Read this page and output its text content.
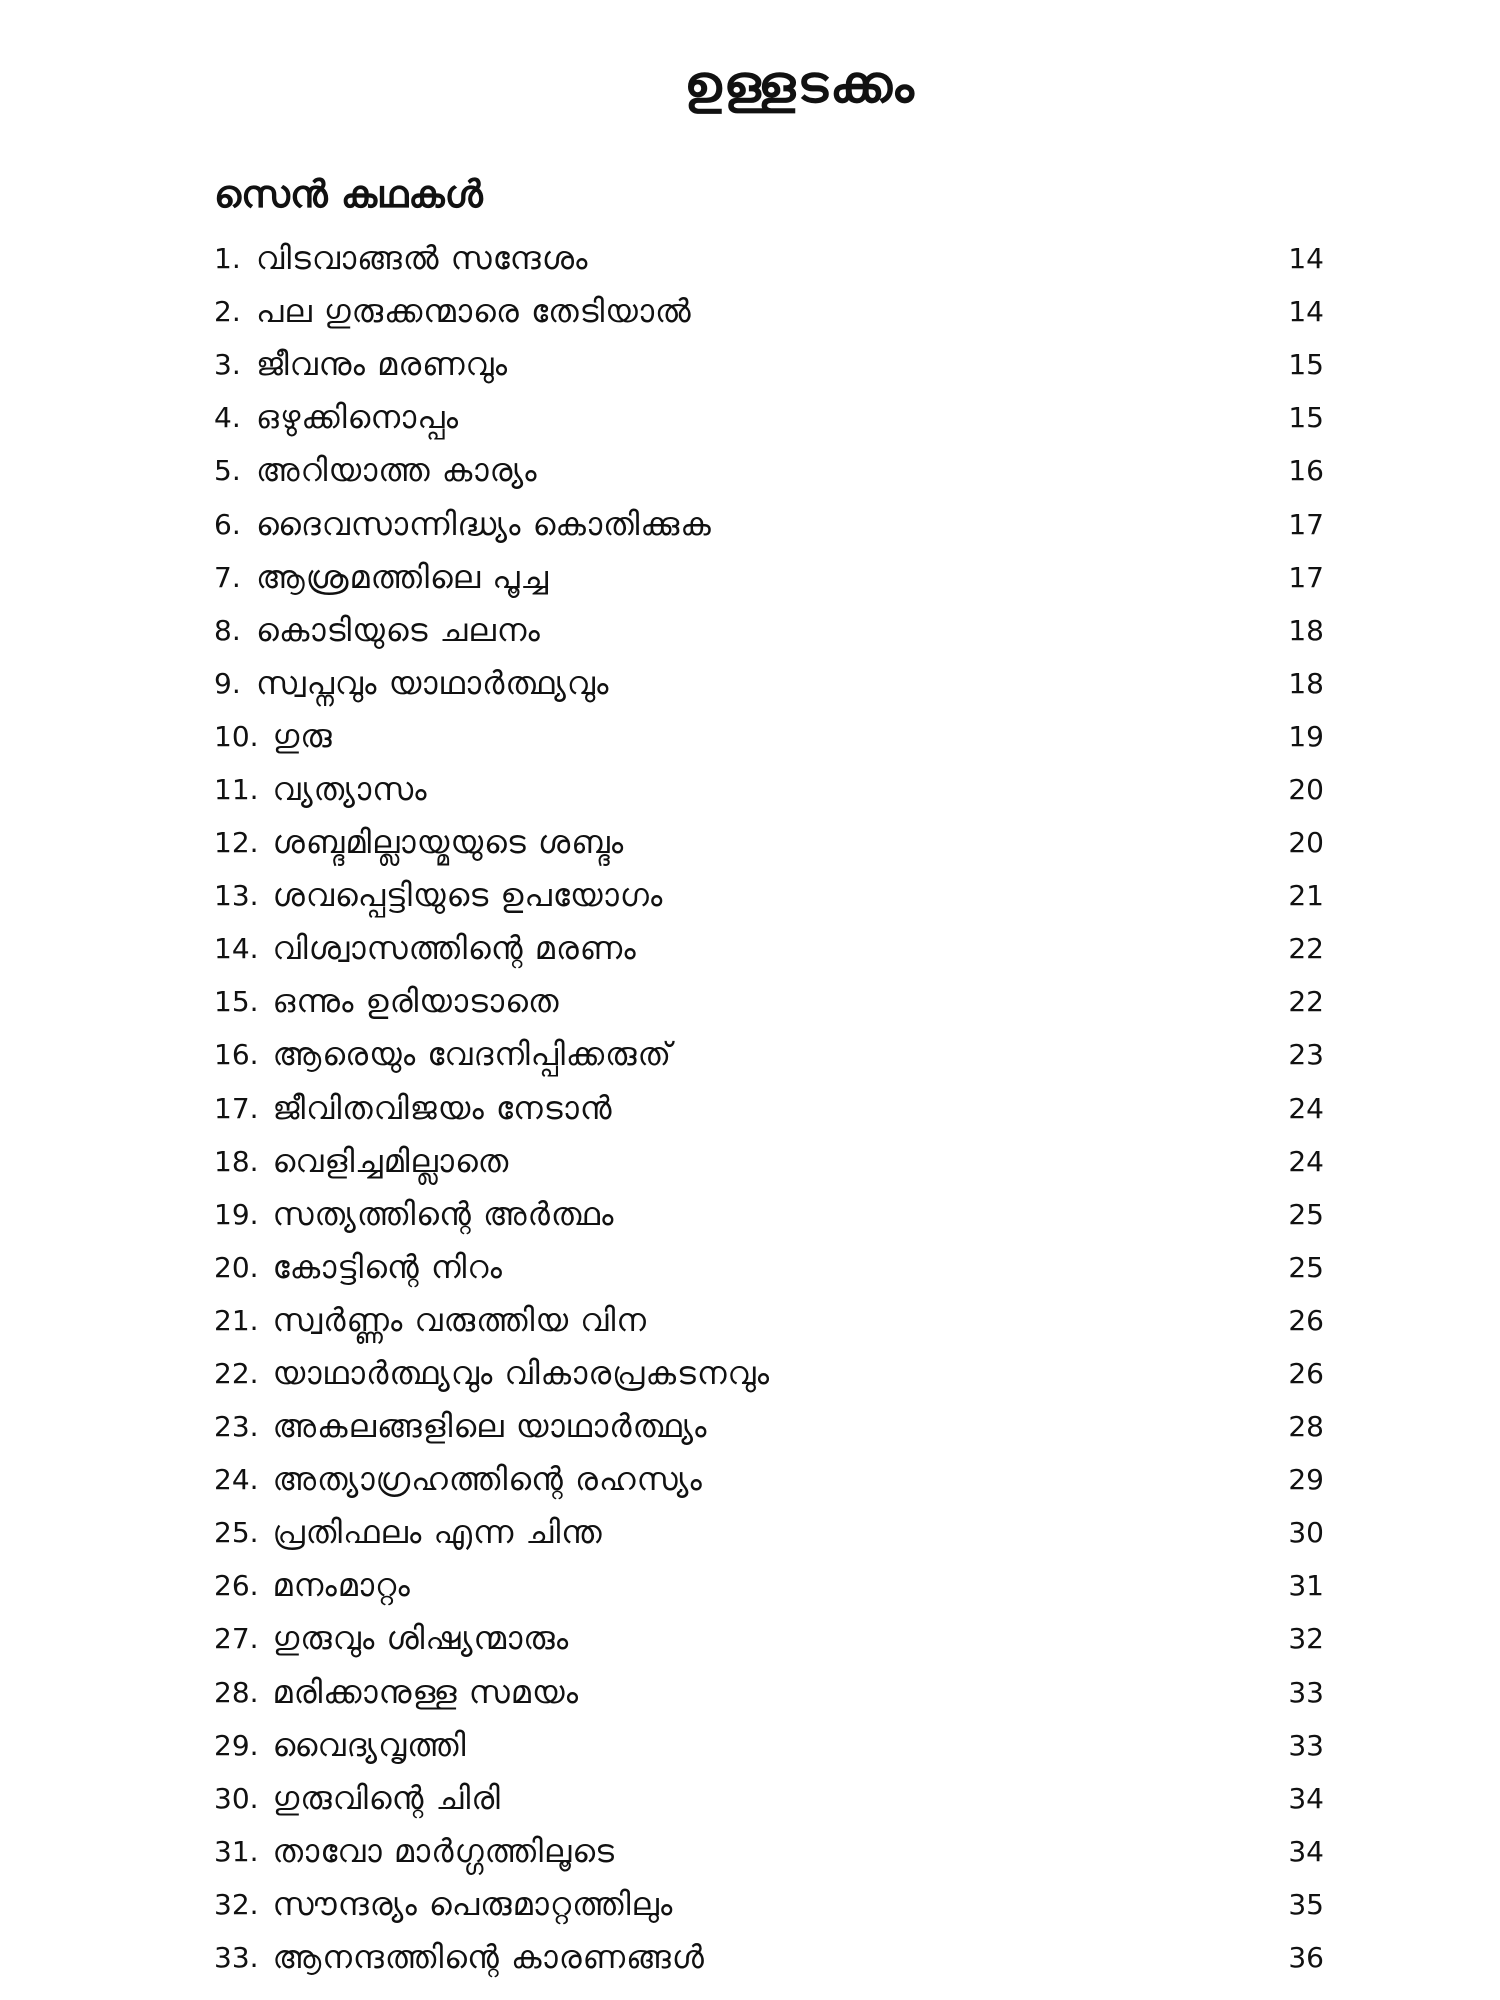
ഉള്ളടക്കം
സെൻ കഥകൾ
1. വിടവാങ്ങൽ സന്ദേശം	14
2. പല ഗുരുക്കന്മാരെ തേടിയാൽ	14
3. ജീവനും മരണവും	15
4. ഒഴുക്കിനൊപ്പം	15
5. അറിയാത്ത കാര്യം	16
6. ദൈവസാന്നിദ്ധ്യം കൊതിക്കുക	17
7. ആശ്രമത്തിലെ പൂച്ച	17
8. കൊടിയുടെ ചലനം	18
9. സ്വപ്നവും യാഥാർത്ഥ്യവും	18
10. ഗുരു	19
11. വ്യത്യാസം	20
12. ശബ്ദമില്ലായ്മയുടെ ശബ്ദം	20
13. ശവപ്പെട്ടിയുടെ ഉപയോഗം	21
14. വിശ്വാസത്തിന്റെ മരണം	22
15. ഒന്നും ഉരിയാടാതെ	22
16. ആരെയും വേദനിപ്പിക്കരുത്	23
17. ജീവിതവിജയം നേടാൻ	24
18. വെളിച്ചമില്ലാതെ	24
19. സത്യത്തിന്റെ അർത്ഥം	25
20. കോട്ടിന്റെ നിറം	25
21. സ്വർണ്ണം വരുത്തിയ വിന	26
22. യാഥാർത്ഥ്യവും വികാരപ്രകടനവും	26
23. അകലങ്ങളിലെ യാഥാർത്ഥ്യം	28
24. അത്യാഗ്രഹത്തിന്റെ രഹസ്യം	29
25. പ്രതിഫലം എന്ന ചിന്ത	30
26. മനംമാറ്റം	31
27. ഗുരുവും ശിഷ്യന്മാരും	32
28. മരിക്കാനുള്ള സമയം	33
29. വൈദ്യവൃത്തി	33
30. ഗുരുവിന്റെ ചിരി	34
31. താവോ മാർഗ്ഗത്തിലൂടെ	34
32. സൗന്ദര്യം പെരുമാറ്റത്തിലും	35
33. ആനന്ദത്തിന്റെ കാരണങ്ങൾ	36
